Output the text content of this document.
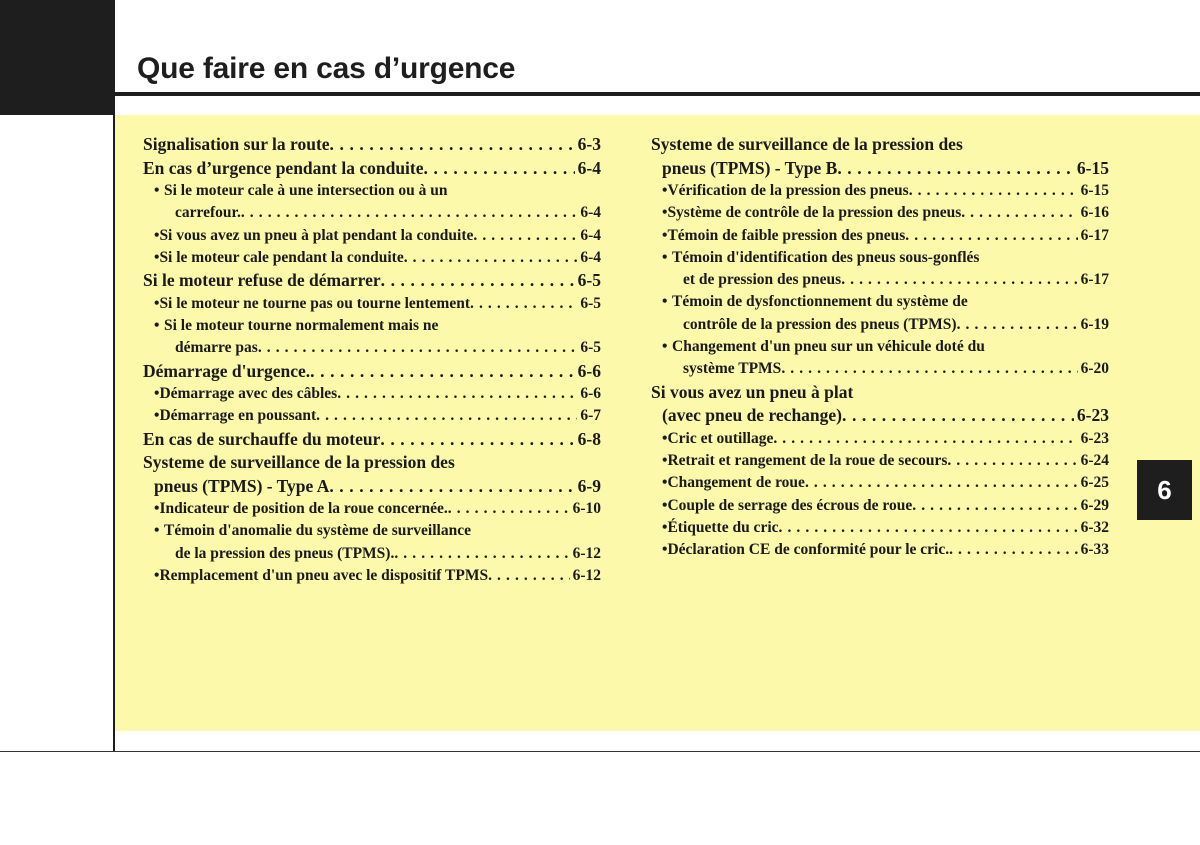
Que faire en cas d’urgence
6
Signalisation sur la route . . .	6-3
En cas d’urgence pendant la conduite . . .	6-4
• Si le moteur cale à une intersection ou à un
carrefour. . . .	6-4
• Si vous avez un pneu à plat pendant la conduite . . .	6-4
• Si le moteur cale pendant la conduite . . .	6-4
Si le moteur refuse de démarrer . . .	6-5
• Si le moteur ne tourne pas ou tourne lentement . . .	6-5
• Si le moteur tourne normalement mais ne
démarre pas . . .	6-5
Démarrage d'urgence. . . .	6-6
• Démarrage avec des câbles . . .	6-6
• Démarrage en poussant . . .	6-7
En cas de surchauffe du moteur . . .	6-8
Systeme de surveillance de la pression des
pneus (TPMS) - Type A . . .	6-9
• Indicateur de position de la roue concernée. . . .	6-10
• Témoin d'anomalie du système de surveillance
de la pression des pneus (TPMS). . . .	6-12
• Remplacement d'un pneu avec le dispositif TPMS . . .	6-12
Systeme de surveillance de la pression des
pneus (TPMS) - Type B . . .	6-15
• Vérification de la pression des pneus . . .	6-15
• Système de contrôle de la pression des pneus . . .	6-16
• Témoin de faible pression des pneus . . .	6-17
• Témoin d'identification des pneus sous-gonflés
et de pression des pneus . . .	6-17
• Témoin de dysfonctionnement du système de
contrôle de la pression des pneus (TPMS) . . .	6-19
• Changement d'un pneu sur un véhicule doté du
système TPMS . . .	6-20
Si vous avez un pneu à plat
(avec pneu de rechange) . . .	6-23
• Cric et outillage . . .	6-23
• Retrait et rangement de la roue de secours . . .	6-24
• Changement de roue . . .	6-25
• Couple de serrage des écrous de roue . . .	6-29
• Étiquette du cric . . .	6-32
• Déclaration CE de conformité pour le cric. . . .	6-33
